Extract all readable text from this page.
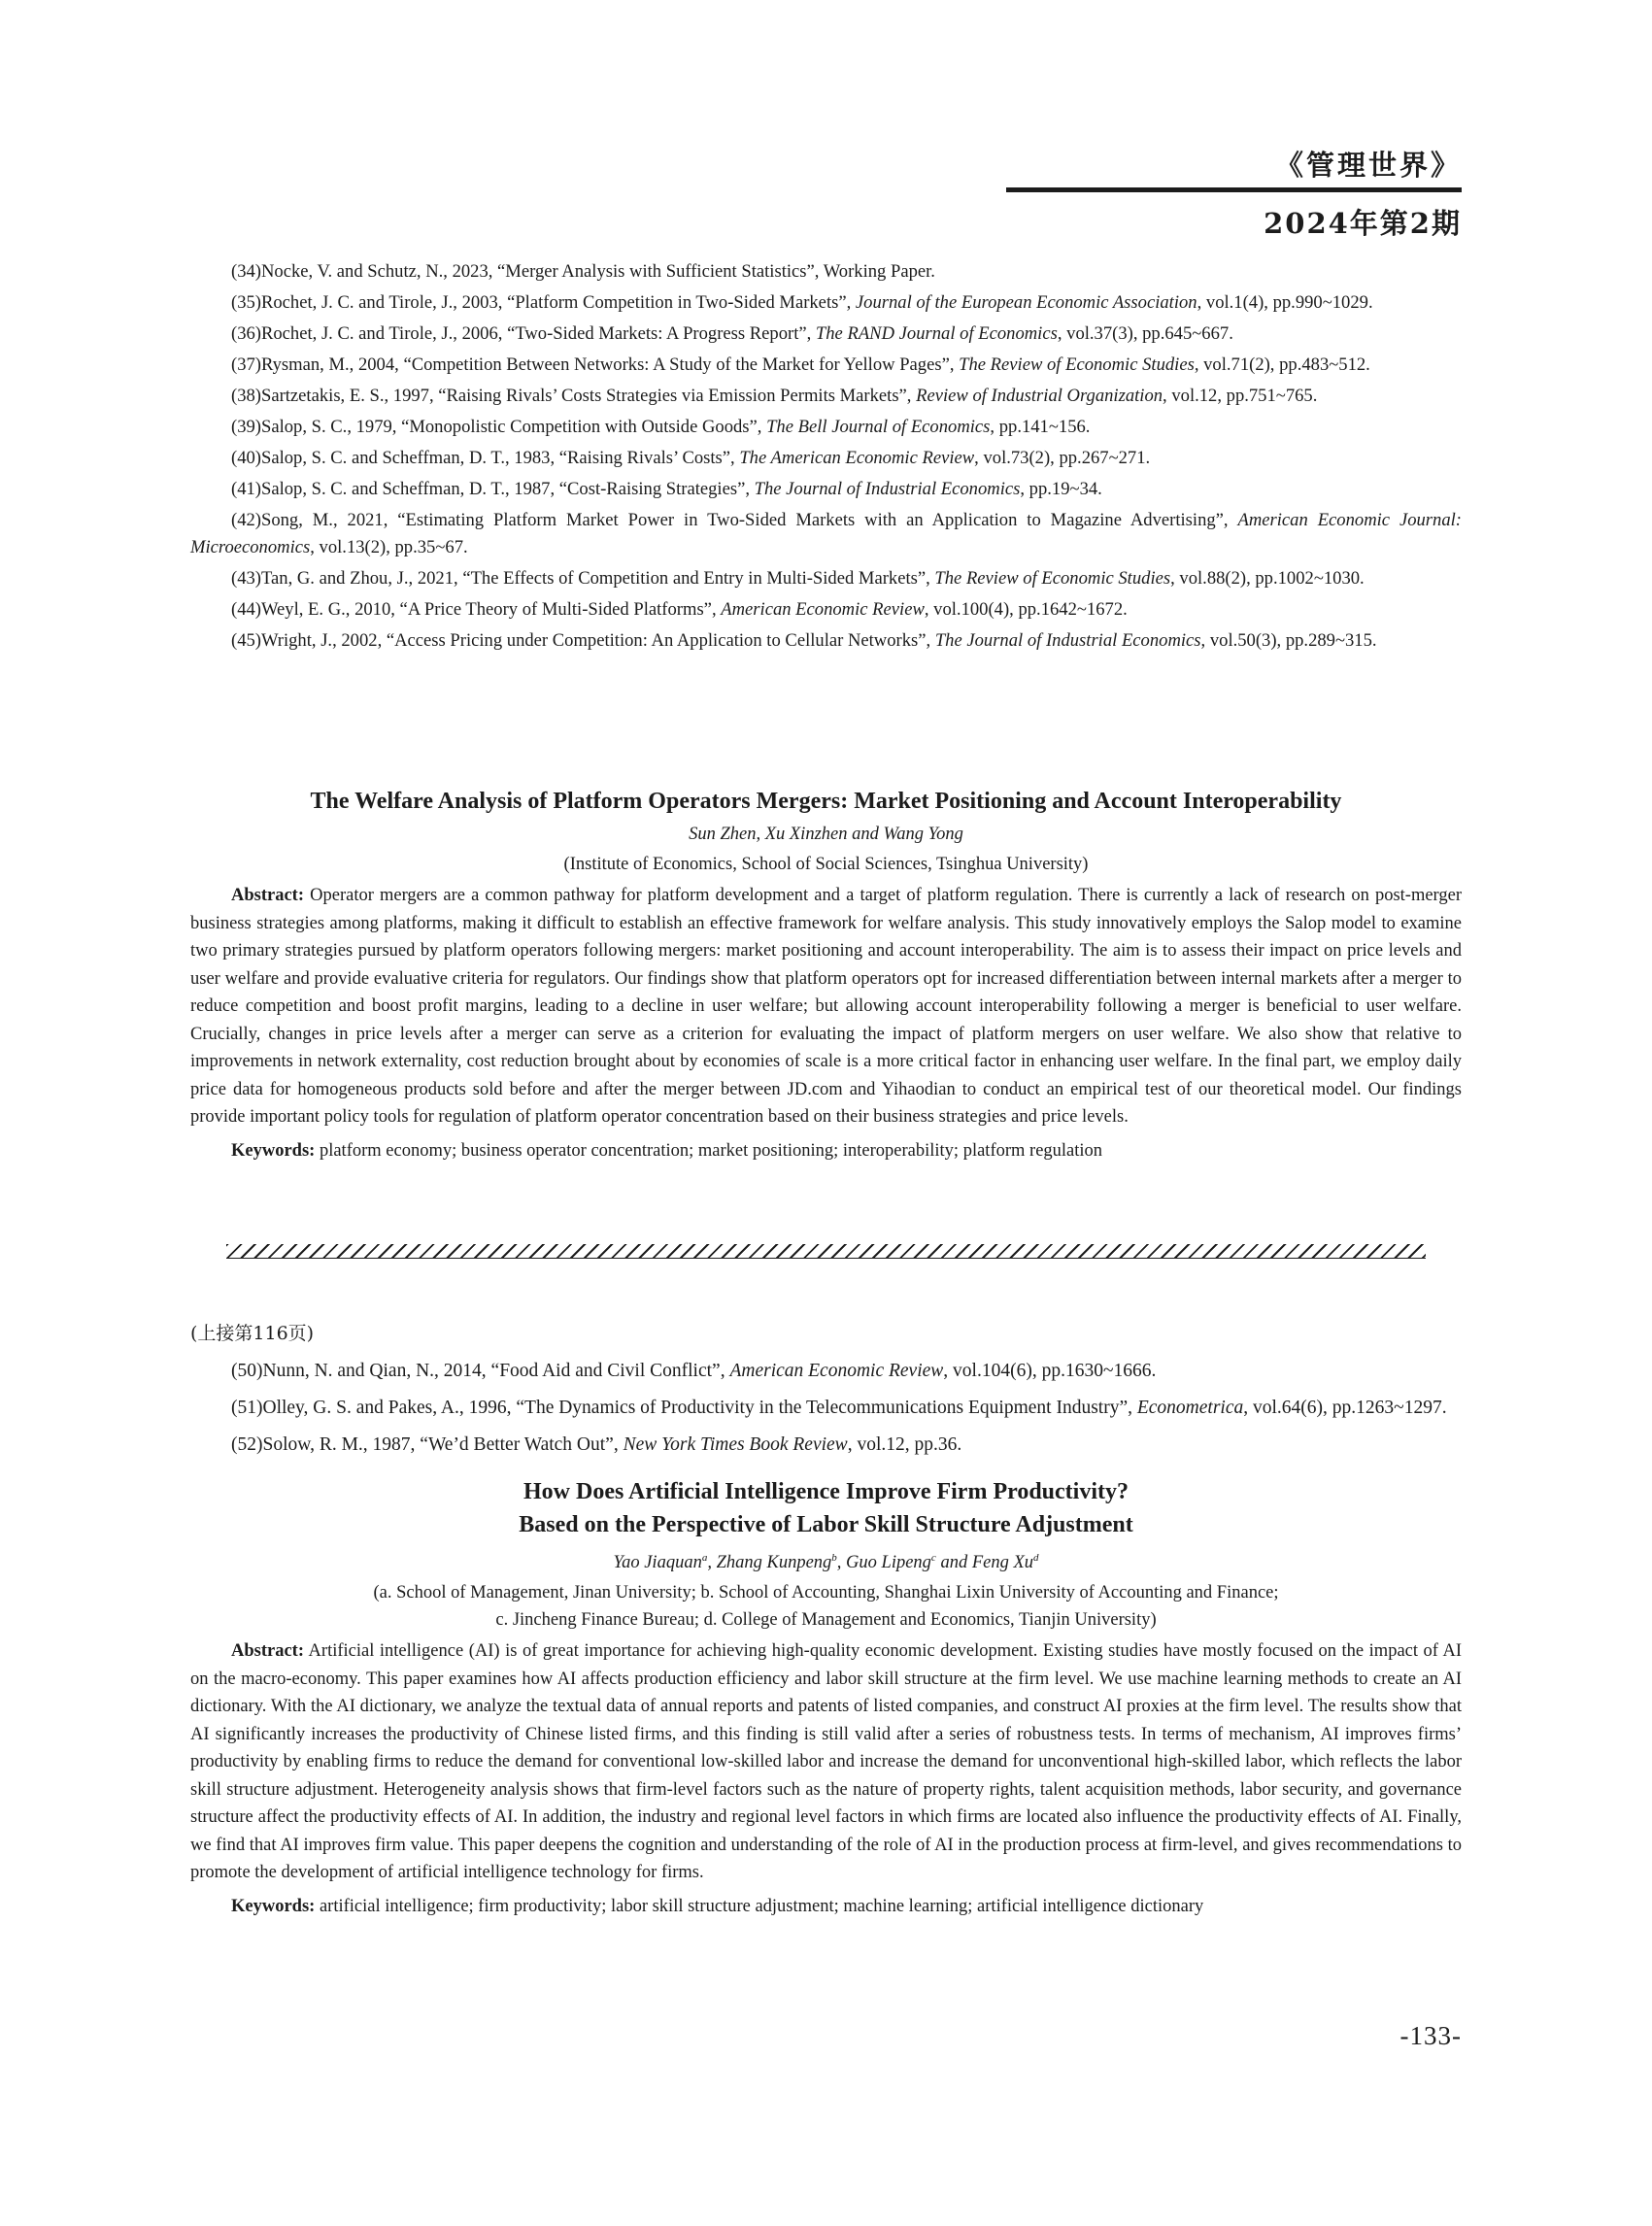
《管理世界》
2024年第2期

(34)Nocke, V. and Schutz, N., 2023, “Merger Analysis with Sufficient Statistics”, Working Paper.

(35)Rochet, J. C. and Tirole, J., 2003, “Platform Competition in Two-Sided Markets”, Journal of the European Economic Association, vol.1(4), pp.990~1029.

(36)Rochet, J. C. and Tirole, J., 2006, “Two-Sided Markets: A Progress Report”, The RAND Journal of Economics, vol.37(3), pp.645~667.

(37)Rysman, M., 2004, “Competition Between Networks: A Study of the Market for Yellow Pages”, The Review of Economic Studies, vol.71(2), pp.483~512.

(38)Sartzetakis, E. S., 1997, “Raising Rivals’ Costs Strategies via Emission Permits Markets”, Review of Industrial Organization, vol.12, pp.751~765.

(39)Salop, S. C., 1979, “Monopolistic Competition with Outside Goods”, The Bell Journal of Economics, pp.141~156.

(40)Salop, S. C. and Scheffman, D. T., 1983, “Raising Rivals’ Costs”, The American Economic Review, vol.73(2), pp.267~271.

(41)Salop, S. C. and Scheffman, D. T., 1987, “Cost-Raising Strategies”, The Journal of Industrial Economics, pp.19~34.

(42)Song, M., 2021, “Estimating Platform Market Power in Two-Sided Markets with an Application to Magazine Advertising”, American Economic Journal: Microeconomics, vol.13(2), pp.35~67.

(43)Tan, G. and Zhou, J., 2021, “The Effects of Competition and Entry in Multi-Sided Markets”, The Review of Economic Studies, vol.88(2), pp.1002~1030.

(44)Weyl, E. G., 2010, “A Price Theory of Multi-Sided Platforms”, American Economic Review, vol.100(4), pp.1642~1672.

(45)Wright, J., 2002, “Access Pricing under Competition: An Application to Cellular Networks”, The Journal of Industrial Economics, vol.50(3), pp.289~315.

The Welfare Analysis of Platform Operators Mergers: Market Positioning and Account Interoperability

Sun Zhen, Xu Xinzhen and Wang Yong

(Institute of Economics, School of Social Sciences, Tsinghua University)

Abstract: Operator mergers are a common pathway for platform development and a target of platform regulation. There is currently a lack of research on post-merger business strategies among platforms, making it difficult to establish an effective framework for welfare analysis. This study innovatively employs the Salop model to examine two primary strategies pursued by platform operators following mergers: market positioning and account interoperability. The aim is to assess their impact on price levels and user welfare and provide evaluative criteria for regulators. Our findings show that platform operators opt for increased differentiation between internal markets after a merger to reduce competition and boost profit margins, leading to a decline in user welfare; but allowing account interoperability following a merger is beneficial to user welfare. Crucially, changes in price levels after a merger can serve as a criterion for evaluating the impact of platform mergers on user welfare. We also show that relative to improvements in network externality, cost reduction brought about by economies of scale is a more critical factor in enhancing user welfare. In the final part, we employ daily price data for homogeneous products sold before and after the merger between JD.com and Yihaodian to conduct an empirical test of our theoretical model. Our findings provide important policy tools for regulation of platform operator concentration based on their business strategies and price levels.

Keywords: platform economy; business operator concentration; market positioning; interoperability; platform regulation

(上接第116页)

(50)Nunn, N. and Qian, N., 2014, “Food Aid and Civil Conflict”, American Economic Review, vol.104(6), pp.1630~1666.

(51)Olley, G. S. and Pakes, A., 1996, “The Dynamics of Productivity in the Telecommunications Equipment Industry”, Econometrica, vol.64(6), pp.1263~1297.

(52)Solow, R. M., 1987, “We’d Better Watch Out”, New York Times Book Review, vol.12, pp.36.

How Does Artificial Intelligence Improve Firm Productivity?

Based on the Perspective of Labor Skill Structure Adjustment

Yao Jiaquan$^a$, Zhang Kunpeng$^b$, Guo Lipeng$^c$ and Feng Xu$^d$

(a. School of Management, Jinan University; b. School of Accounting, Shanghai Lixin University of Accounting and Finance;

c. Jincheng Finance Bureau; d. College of Management and Economics, Tianjin University)

Abstract: Artificial intelligence (AI) is of great importance for achieving high-quality economic development. Existing studies have mostly focused on the impact of AI on the macro-economy. This paper examines how AI affects production efficiency and labor skill structure at the firm level. We use machine learning methods to create an AI dictionary. With the AI dictionary, we analyze the textual data of annual reports and patents of listed companies, and construct AI proxies at the firm level. The results show that AI significantly increases the productivity of Chinese listed firms, and this finding is still valid after a series of robustness tests. In terms of mechanism, AI improves firms’ productivity by enabling firms to reduce the demand for conventional low-skilled labor and increase the demand for unconventional high-skilled labor, which reflects the labor skill structure adjustment. Heterogeneity analysis shows that firm-level factors such as the nature of property rights, talent acquisition methods, labor security, and governance structure affect the productivity effects of AI. In addition, the industry and regional level factors in which firms are located also influence the productivity effects of AI. Finally, we find that AI improves firm value. This paper deepens the cognition and understanding of the role of AI in the production process at firm-level, and gives recommendations to promote the development of artificial intelligence technology for firms.

Keywords: artificial intelligence; firm productivity; labor skill structure adjustment; machine learning; artificial intelligence dictionary

-133-
